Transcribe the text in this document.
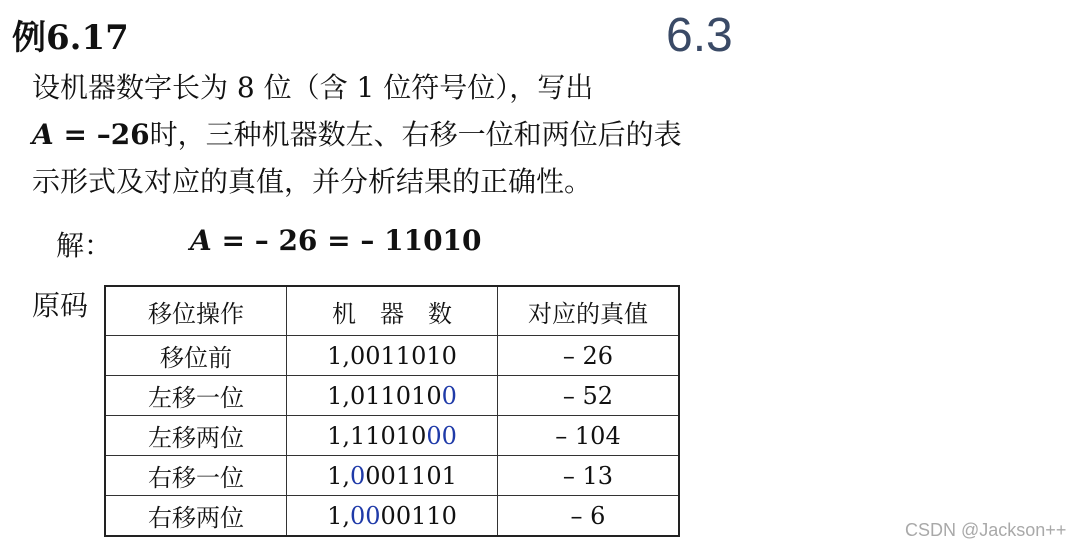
例6.17	6.3
设机器数字长为 8 位（含 1 位符号位），写出
A = –26时，三种机器数左、右移一位和两位后的表
示形式及对应的真值，并分析结果的正确性。
解：	A = – 26 = – 11010
原码 移位操作	机　器　数	对应的真值
移位前	1,0011010	– 26
左移一位	1,0110100	– 52
左移两位	1,1101000	– 104
右移一位	1,0001101	– 13
右移两位	1,0000110	– 6
CSDN @Jackson++
